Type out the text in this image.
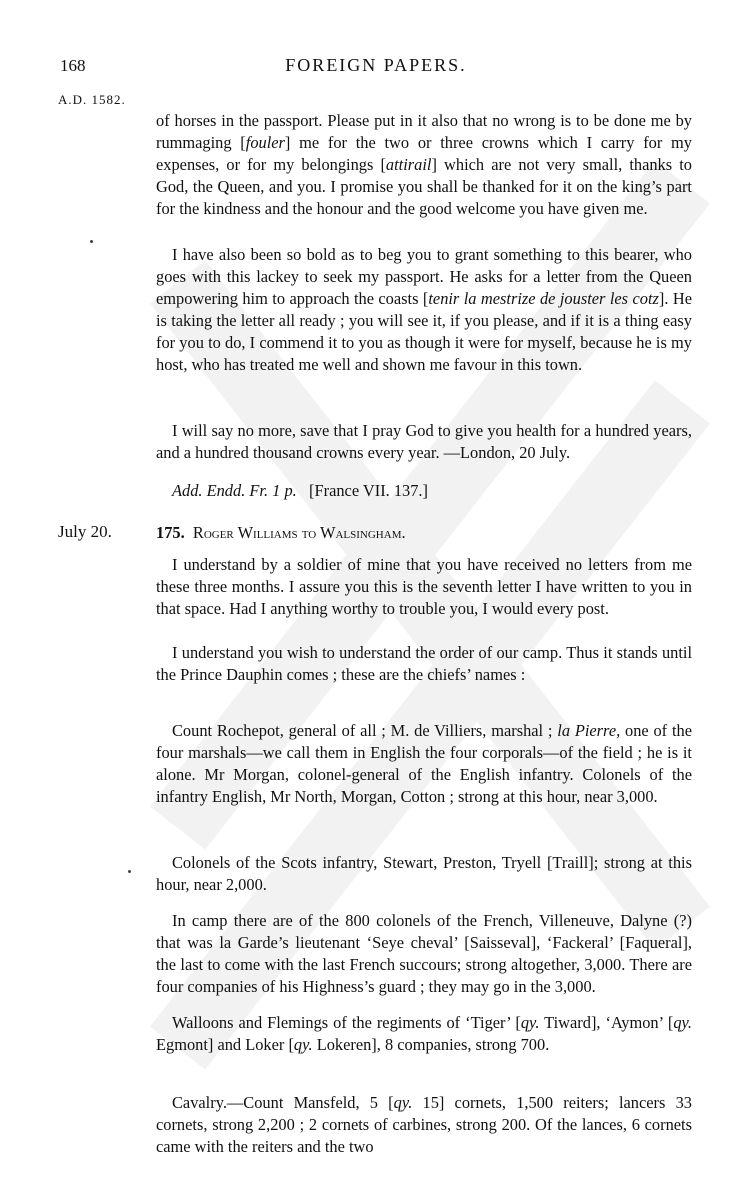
168	FOREIGN PAPERS.
A.D. 1582.
July 20.

of horses in the passport. Please put in it also that no wrong is to be done me by rummaging [fouler] me for the two or three crowns which I carry for my expenses, or for my belongings [attirail] which are not very small, thanks to God, the Queen, and you. I promise you shall be thanked for it on the king’s part for the kindness and the honour and the good welcome you have given me.

I have also been so bold as to beg you to grant something to this bearer, who goes with this lackey to seek my passport. He asks for a letter from the Queen empowering him to approach the coasts [tenir la mestrize de jouster les cotz]. He is taking the letter all ready ; you will see it, if you please, and if it is a thing easy for you to do, I commend it to you as though it were for myself, because he is my host, who has treated me well and shown me favour in this town.

I will say no more, save that I pray God to give you health for a hundred years, and a hundred thousand crowns every year. —London, 20 July.

Add. Endd. Fr. 1 p. [France VII. 137.]

175. Roger Williams to Walsingham.

I understand by a soldier of mine that you have received no letters from me these three months. I assure you this is the seventh letter I have written to you in that space. Had I anything worthy to trouble you, I would every post.

I understand you wish to understand the order of our camp. Thus it stands until the Prince Dauphin comes ; these are the chiefs’ names :

Count Rochepot, general of all ; M. de Villiers, marshal ; la Pierre, one of the four marshals—we call them in English the four corporals—of the field ; he is it alone. Mr Morgan, colonel-general of the English infantry. Colonels of the infantry English, Mr North, Morgan, Cotton ; strong at this hour, near 3,000.

Colonels of the Scots infantry, Stewart, Preston, Tryell [Traill]; strong at this hour, near 2,000.

In camp there are of the 800 colonels of the French, Villeneuve, Dalyne (?) that was la Garde’s lieutenant ‘Seye cheval’ [Saisseval], ‘Fackeral’ [Faqueral], the last to come with the last French succours; strong altogether, 3,000. There are four companies of his Highness’s guard ; they may go in the 3,000.

Walloons and Flemings of the regiments of ‘Tiger’ [qy. Tiward], ‘Aymon’ [qy. Egmont] and Loker [qy. Lokeren], 8 companies, strong 700.

Cavalry.—Count Mansfeld, 5 [qy. 15] cornets, 1,500 reiters; lancers 33 cornets, strong 2,200 ; 2 cornets of carbines, strong 200. Of the lances, 6 cornets came with the reiters and the two
